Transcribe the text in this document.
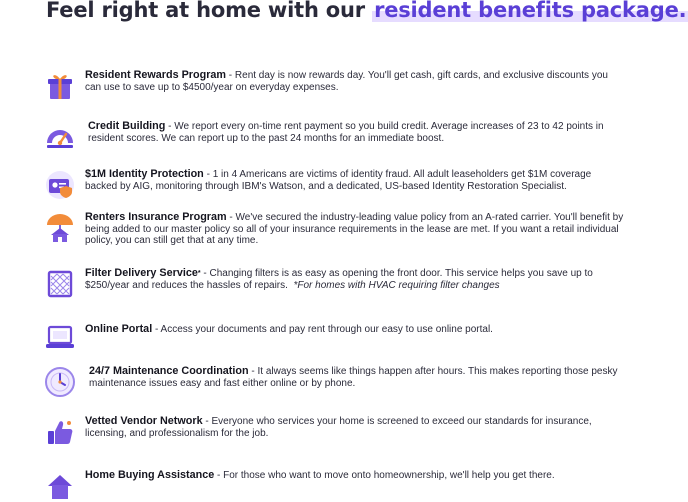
Feel right at home with our resident benefits package.
Resident Rewards Program - Rent day is now rewards day. You'll get cash, gift cards, and exclusive discounts you can use to save up to $4500/year on everyday expenses.
Credit Building - We report every on-time rent payment so you build credit. Average increases of 23 to 42 points in resident scores. We can report up to the past 24 months for an immediate boost.
$1M Identity Protection - 1 in 4 Americans are victims of identity fraud. All adult leaseholders get $1M coverage backed by AIG, monitoring through IBM's Watson, and a dedicated, US-based Identity Restoration Specialist.
Renters Insurance Program - We've secured the industry-leading value policy from an A-rated carrier. You'll benefit by being added to our master policy so all of your insurance requirements in the lease are met. If you want a retail individual policy, you can still get that at any time.
Filter Delivery Service* - Changing filters is as easy as opening the front door. This service helps you save up to $250/year and reduces the hassles of repairs. *For homes with HVAC requiring filter changes
Online Portal - Access your documents and pay rent through our easy to use online portal.
24/7 Maintenance Coordination - It always seems like things happen after hours. This makes reporting those pesky maintenance issues easy and fast either online or by phone.
Vetted Vendor Network - Everyone who services your home is screened to exceed our standards for insurance, licensing, and professionalism for the job.
Home Buying Assistance - For those who want to move onto homeownership, we'll help you get there.
